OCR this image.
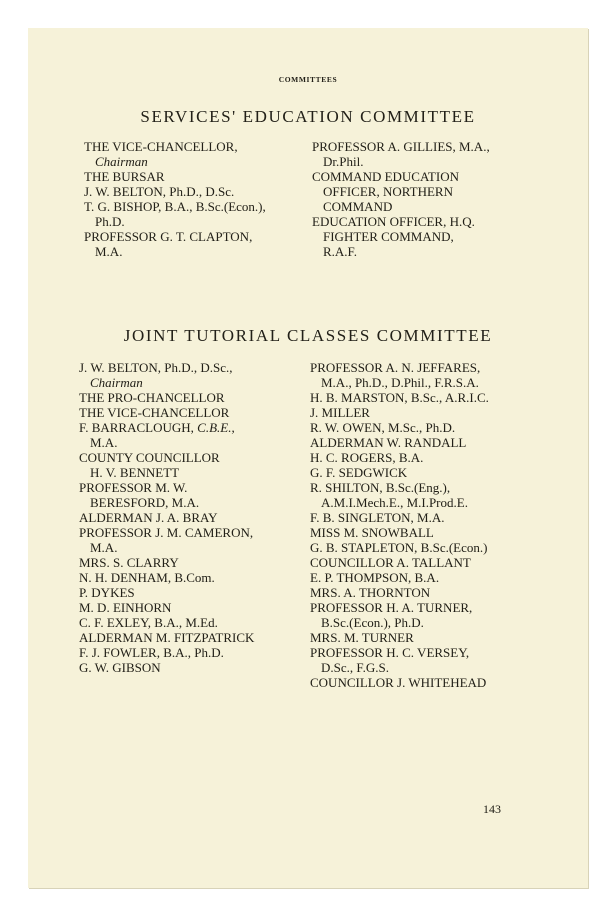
COMMITTEES
SERVICES' EDUCATION COMMITTEE
THE VICE-CHANCELLOR,
Chairman
THE BURSAR
J. W. BELTON, Ph.D., D.Sc.
T. G. BISHOP, B.A., B.Sc.(Econ.),
Ph.D.
PROFESSOR G. T. CLAPTON,
M.A.
PROFESSOR A. GILLIES, M.A.,
Dr.Phil.
COMMAND EDUCATION
OFFICER, NORTHERN
COMMAND
EDUCATION OFFICER, H.Q.
FIGHTER COMMAND,
R.A.F.
JOINT TUTORIAL CLASSES COMMITTEE
J. W. BELTON, Ph.D., D.Sc.,
Chairman
THE PRO-CHANCELLOR
THE VICE-CHANCELLOR
F. BARRACLOUGH, C.B.E.,
M.A.
COUNTY COUNCILLOR
H. V. BENNETT
PROFESSOR M. W.
BERESFORD, M.A.
ALDERMAN J. A. BRAY
PROFESSOR J. M. CAMERON,
M.A.
MRS. S. CLARRY
N. H. DENHAM, B.Com.
P. DYKES
M. D. EINHORN
C. F. EXLEY, B.A., M.Ed.
ALDERMAN M. FITZPATRICK
F. J. FOWLER, B.A., Ph.D.
G. W. GIBSON
PROFESSOR A. N. JEFFARES,
M.A., Ph.D., D.Phil., F.R.S.A.
H. B. MARSTON, B.Sc., A.R.I.C.
J. MILLER
R. W. OWEN, M.Sc., Ph.D.
ALDERMAN W. RANDALL
H. C. ROGERS, B.A.
G. F. SEDGWICK
R. SHILTON, B.Sc.(Eng.),
A.M.I.Mech.E., M.I.Prod.E.
F. B. SINGLETON, M.A.
MISS M. SNOWBALL
G. B. STAPLETON, B.Sc.(Econ.)
COUNCILLOR A. TALLANT
E. P. THOMPSON, B.A.
MRS. A. THORNTON
PROFESSOR H. A. TURNER,
B.Sc.(Econ.), Ph.D.
MRS. M. TURNER
PROFESSOR H. C. VERSEY,
D.Sc., F.G.S.
COUNCILLOR J. WHITEHEAD
143
